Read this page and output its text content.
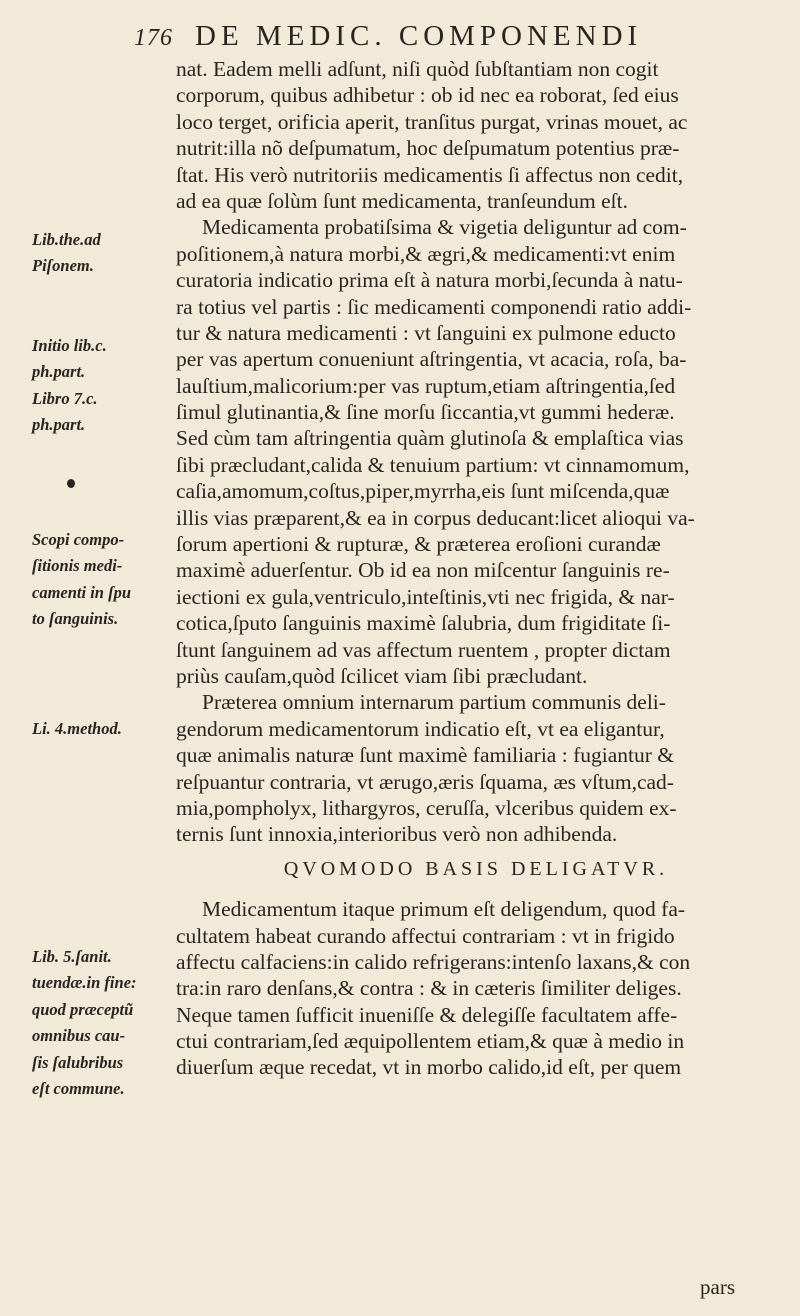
176 DE MEDIC. COMPONENDI
nat. Eadem melli adſunt, niſi quòd ſubſtantiam non cogit
corporum, quibus adhibetur : ob id nec ea roborat, ſed eius
loco terget, orificia aperit, tranſitus purgat, vrinas mouet, ac
nutrit:illa nõ deſpumatum, hoc deſpumatum potentius præ-
ſtat. His verò nutritoriis medicamentis ſi affectus non cedit,
ad ea quæ ſolùm ſunt medicamenta, tranſeundum eſt.
Medicamenta probatiſsima & vigetia deliguntur ad com-
poſitionem,à natura morbi,& ægri,& medicamenti:vt enim
curatoria indicatio prima eſt à natura morbi,ſecunda à natu-
ra totius vel partis : ſic medicamenti componendi ratio addi-
tur & natura medicamenti : vt ſanguini ex pulmone educto
per vas apertum conueniunt aſtringentia, vt acacia, roſa, ba-
lauſtium,malicorium:per vas ruptum,etiam aſtringentia,ſed
ſimul glutinantia,& ſine morſu ſiccantia,vt gummi hederæ.
Sed cùm tam aſtringentia quàm glutinoſa & emplaſtica vias
ſibi præcludant,calida & tenuium partium: vt cinnamomum,
caſia,amomum,coſtus,piper,myrrha,eis ſunt miſcenda,quæ
illis vias præparent,& ea in corpus deducant:licet alioqui va-
ſorum apertioni & rupturæ, & præterea eroſioni curandæ
maximè aduerſentur. Ob id ea non miſcentur ſanguinis re-
iectioni ex gula,ventriculo,inteſtinis,vti nec frigida, & nar-
cotica,ſputo ſanguinis maximè ſalubria, dum frigiditate ſi-
ſtunt ſanguinem ad vas affectum ruentem , propter dictam
priùs cauſam,quòd ſcilicet viam ſibi præcludant.
Præterea omnium internarum partium communis deli-
gendorum medicamentorum indicatio eſt, vt ea eligantur,
quæ animalis naturæ ſunt maximè familiaria : fugiantur &
reſpuantur contraria, vt ærugo,æris ſquama, æs vſtum,cad-
mia,pompholyx, lithargyros, ceruſſa, vlceribus quidem ex-
ternis ſunt innoxia,interioribus verò non adhibenda.
QVOMODO BASIS DELIGATVR.
Medicamentum itaque primum eſt deligendum, quod fa-
cultatem habeat curando affectui contrariam : vt in frigido
affectu calfaciens:in calido refrigerans:intenſo laxans,& con
tra:in raro denſans,& contra : & in cæteris ſimiliter deliges.
Neque tamen ſufficit inueniſſe & delegiſſe facultatem affe-
ctui contrariam,ſed æquipollentem etiam,& quæ à medio in
diuerſum æque recedat, vt in morbo calido,id eſt, per quem
pars
Lib.the.ad
Piſonem.
Initio lib.c.
ph.part.
Libro 7.c.
ph.part.
Scopi compo-
ſitionis medi-
camenti in ſpu
to ſanguinis.
Li. 4.method.
Lib. 5.ſanit.
tuendæ.in fine:
quod præceptũ
omnibus cau-
ſis ſalubribus
eſt commune.
